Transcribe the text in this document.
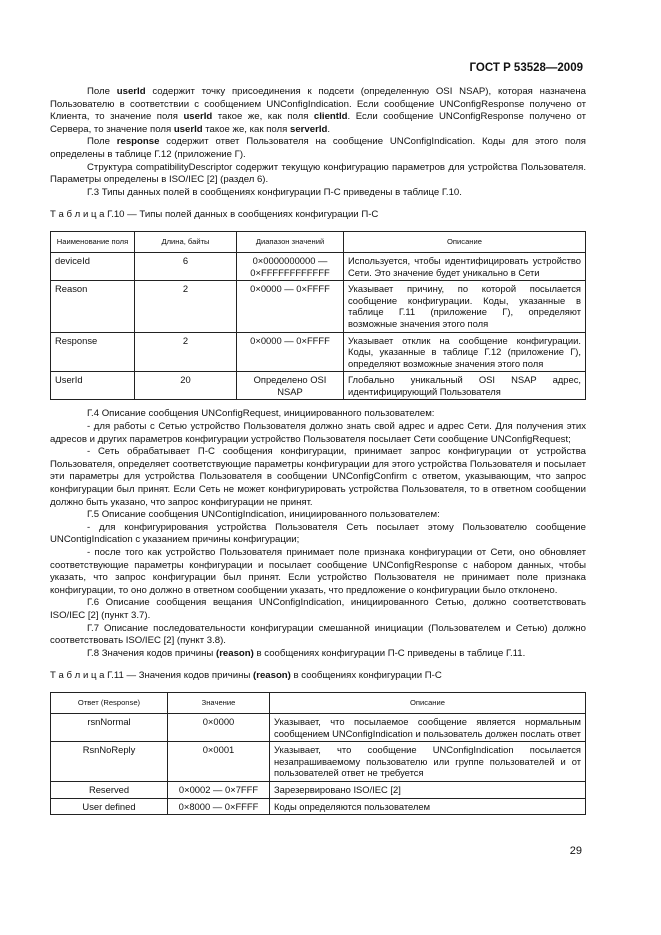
ГОСТ Р 53528—2009

Поле userId содержит точку присоединения к подсети (определенную OSI NSAP), которая назначена Пользователю в соответствии с сообщением UNConfigIndication. Если сообщение UNConfigResponse получено от Клиента, то значение поля userId такое же, как поля clientId. Если сообщение UNConfigResponse получено от Сервера, то значение поля userId такое же, как поля serverId.

Поле response содержит ответ Пользователя на сообщение UNConfigIndication. Коды для этого поля определены в таблице Г.12 (приложение Г).

Структура compatibilityDescriptor содержит текущую конфигурацию параметров для устройства Пользователя. Параметры определены в ISO/IEC [2] (раздел 6).

Г.3 Типы данных полей в сообщениях конфигурации П-С приведены в таблице Г.10.

Т а б л и ц а Г.10 — Типы полей данных в сообщениях конфигурации П-С

Наименование поля	Длина, байты	Диапазон значений	Описание
deviceId	6	0×0000000000 — 0×FFFFFFFFFFFF	Используется, чтобы идентифицировать устройство Сети. Это значение будет уникально в Сети
Reason	2	0×0000 — 0×FFFF	Указывает причину, по которой посылается сообщение конфигурации. Коды, указанные в таблице Г.11 (приложение Г), определяют возможные значения этого поля
Response	2	0×0000 — 0×FFFF	Указывает отклик на сообщение конфигурации. Коды, указанные в таблице Г.12 (приложение Г), определяют возможные значения этого поля
UserId	20	Определено OSI NSAP	Глобально уникальный OSI NSAP адрес, идентифицирующий Пользователя

Г.4 Описание сообщения UNConfigRequest, инициированного пользователем:

- для работы с Сетью устройство Пользователя должно знать свой адрес и адрес Сети. Для получения этих адресов и других параметров конфигурации устройство Пользователя посылает Сети сообщение UNConfigRequest;

- Сеть обрабатывает П-С сообщения конфигурации, принимает запрос конфигурации от устройства Пользователя, определяет соответствующие параметры конфигурации для этого устройства Пользователя и посылает эти параметры для устройства Пользователя в сообщении UNConfigConfirm с ответом, указывающим, что запрос конфигурации был принят. Если Сеть не может конфигурировать устройства Пользователя, то в ответном сообщении должно быть указано, что запрос конфигурации не принят.

Г.5 Описание сообщения UNContigIndication, инициированного пользователем:

- для конфигурирования устройства Пользователя Сеть посылает этому Пользователю сообщение UNContigIndication с указанием причины конфигурации;

- после того как устройство Пользователя принимает поле признака конфигурации от Сети, оно обновляет соответствующие параметры конфигурации и посылает сообщение UNConfigResponse с набором данных, чтобы указать, что запрос конфигурации был принят. Если устройство Пользователя не принимает поле признака конфигурации, то оно должно в ответном сообщении указать, что предложение о конфигурации было отклонено.

Г.6 Описание сообщения вещания UNConfigIndication, инициированного Сетью, должно соответствовать ISO/IEC [2] (пункт 3.7).

Г.7 Описание последовательности конфигурации смешанной инициации (Пользователем и Сетью) должно соответствовать ISO/IEC [2] (пункт 3.8).

Г.8 Значения кодов причины (reason) в сообщениях конфигурации П-С приведены в таблице Г.11.

Т а б л и ц а Г.11 — Значения кодов причины (reason) в сообщениях конфигурации П-С

Ответ (Response)	Значение	Описание
rsnNormal	0×0000	Указывает, что посылаемое сообщение является нормальным сообщением UNConfigIndication и пользователь должен послать ответ
RsnNoReply	0×0001	Указывает, что сообщение UNConfigIndication посылается незапрашиваемому пользователю или группе пользователей и от пользователей ответ не требуется
Reserved	0×0002 — 0×7FFF	Зарезервировано ISO/IEC [2]
User defined	0×8000 — 0×FFFF	Коды определяются пользователем
29
